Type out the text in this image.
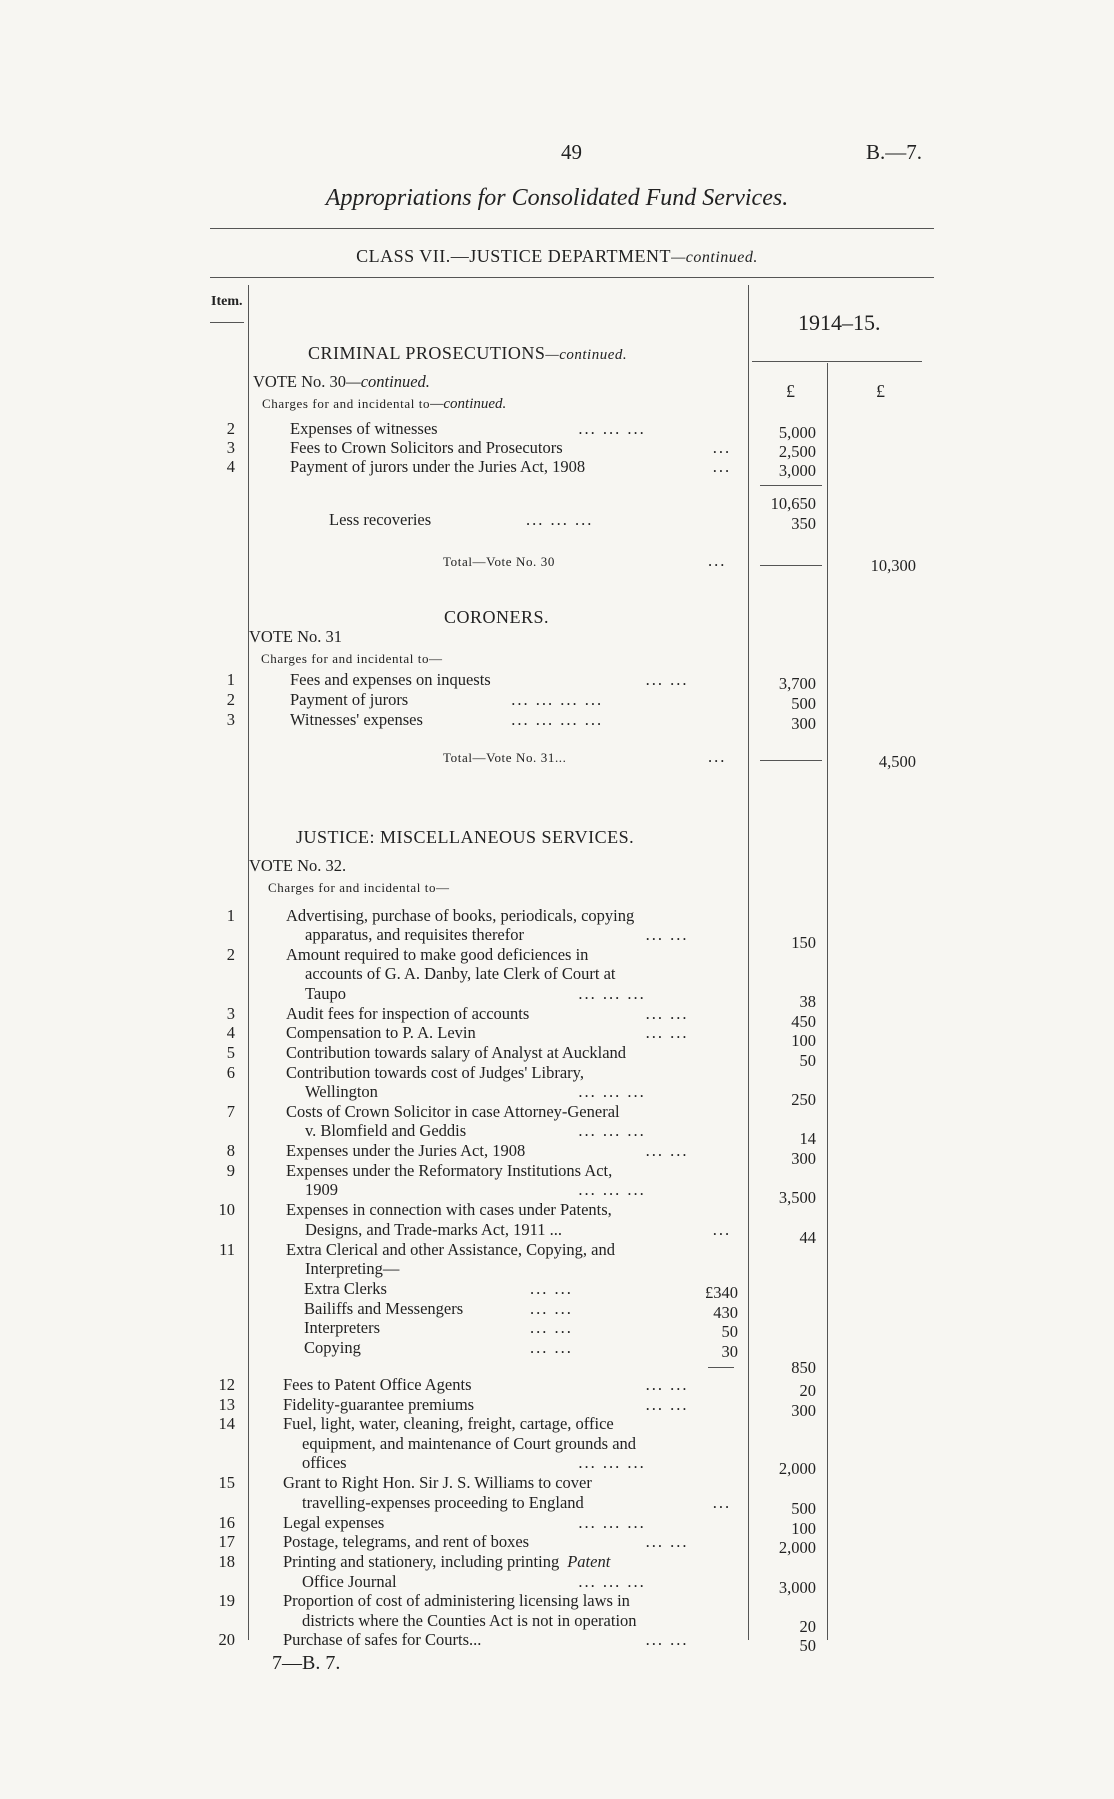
49	B.—7.
Appropriations for Consolidated Fund Services.
CLASS VII.—JUSTICE DEPARTMENT—continued.
Item.
1914–15.
£	£
CRIMINAL PROSECUTIONS—continued.
VOTE No. 30—continued.
Charges for and incidental to—continued.
2	Expenses of witnesses	... ... ...	5,000
3	Fees to Crown Solicitors and Prosecutors	...	2,500
4	Payment of jurors under the Juries Act, 1908	...	3,000
10,650
Less recoveries	... ... ...	350
Total—Vote No. 30	...	10,300
CORONERS.
VOTE No. 31
Charges for and incidental to—
1	Fees and expenses on inquests	... ...	3,700
2	Payment of jurors	... ... ... ...	500
3	Witnesses' expenses	... ... ... ...	300
Total—Vote No. 31...	...	4,500
JUSTICE: MISCELLANEOUS SERVICES.
VOTE No. 32.
Charges for and incidental to—
1	Advertising, purchase of books, periodicals, copying
apparatus, and requisites therefor	... ...	150
2	Amount required to make good deficiences in
accounts of G. A. Danby, late Clerk of Court at
Taupo	... ... ...	38
3	Audit fees for inspection of accounts	... ...	450
4	Compensation to P. A. Levin	... ...	100
5	Contribution towards salary of Analyst at Auckland	50
6	Contribution towards cost of Judges' Library,
Wellington	... ... ...	250
7	Costs of Crown Solicitor in case Attorney-General
v. Blomfield and Geddis	... ... ...	14
8	Expenses under the Juries Act, 1908	... ...	300
9	Expenses under the Reformatory Institutions Act,
1909	... ... ...	3,500
10	Expenses in connection with cases under Patents,
Designs, and Trade-marks Act, 1911 ...	...	44
11	Extra Clerical and other Assistance, Copying, and
Interpreting—
Extra Clerks	... ...	£340
Bailiffs and Messengers	... ...	430
Interpreters	... ...	50
Copying	... ...	30
850
12	Fees to Patent Office Agents	... ...	20
13	Fidelity-guarantee premiums	... ...	300
14	Fuel, light, water, cleaning, freight, cartage, office
equipment, and maintenance of Court grounds and
offices	... ... ...	2,000
15	Grant to Right Hon. Sir J. S. Williams to cover
travelling-expenses proceeding to England	...	500
16	Legal expenses	... ... ...	100
17	Postage, telegrams, and rent of boxes	... ...	2,000
18	Printing and stationery, including printing Patent
Office Journal	... ... ...	3,000
19	Proportion of cost of administering licensing laws in
districts where the Counties Act is not in operation	20
20	Purchase of safes for Courts...	... ...	50
7—B. 7.
